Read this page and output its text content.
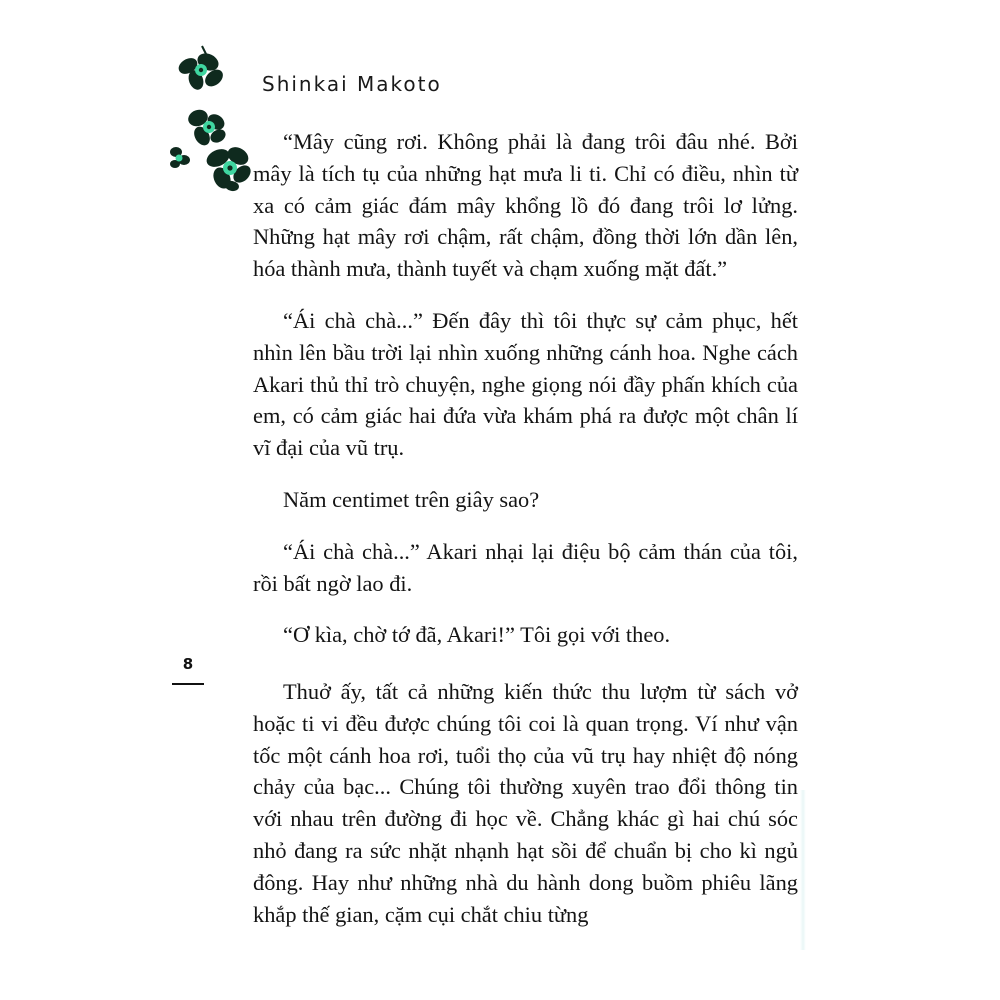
Shinkai Makoto

“Mây cũng rơi. Không phải là đang trôi đâu nhé. Bởi mây là tích tụ của những hạt mưa li ti. Chỉ có điều, nhìn từ xa có cảm giác đám mây khổng lồ đó đang trôi lơ lửng. Những hạt mây rơi chậm, rất chậm, đồng thời lớn dần lên, hóa thành mưa, thành tuyết và chạm xuống mặt đất.”

“Ái chà chà...” Đến đây thì tôi thực sự cảm phục, hết nhìn lên bầu trời lại nhìn xuống những cánh hoa. Nghe cách Akari thủ thỉ trò chuyện, nghe giọng nói đầy phấn khích của em, có cảm giác hai đứa vừa khám phá ra được một chân lí vĩ đại của vũ trụ.

Năm centimet trên giây sao?

“Ái chà chà...” Akari nhại lại điệu bộ cảm thán của tôi, rồi bất ngờ lao đi.

“Ơ kìa, chờ tớ đã, Akari!” Tôi gọi với theo.

8

Thuở ấy, tất cả những kiến thức thu lượm từ sách vở hoặc ti vi đều được chúng tôi coi là quan trọng. Ví như vận tốc một cánh hoa rơi, tuổi thọ của vũ trụ hay nhiệt độ nóng chảy của bạc... Chúng tôi thường xuyên trao đổi thông tin với nhau trên đường đi học về. Chẳng khác gì hai chú sóc nhỏ đang ra sức nhặt nhạnh hạt sồi để chuẩn bị cho kì ngủ đông. Hay như những nhà du hành dong buồm phiêu lãng khắp thế gian, cặm cụi chắt chiu từng
